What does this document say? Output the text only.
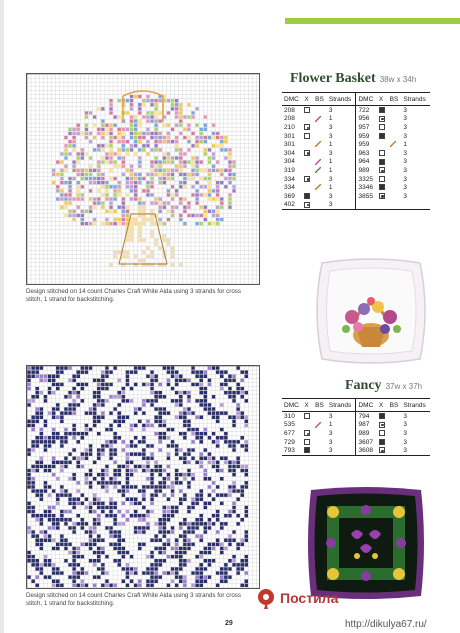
Design stitched on 14 count Charles Craft White Aida using 3 strands for cross stitch, 1 strand for backstitching.
Flower Basket 38w x 34h
DMC	X	BS	Strands	DMC	X	BS	Strands
208			3	722			3
208			1	956			3
210			3	957			3
301			3	959			3
301			1	959			1
304			3	963			3
304			1	964			3
319			1	989			3
334			3	3325			3
334			1	3346			3
369			3	3855			3
402			3				
Design stitched on 14 count Charles Craft White Aida using 3 strands for cross stitch, 1 strand for backstitching.
Fancy 37w x 37h
DMC	X	BS	Strands	DMC	X	BS	Strands
310			3	794			3
535			1	987			3
677			3	989			3
729			3	3607			3
793			3	3608			3
29
Постила
http://dikulya67.ru/
